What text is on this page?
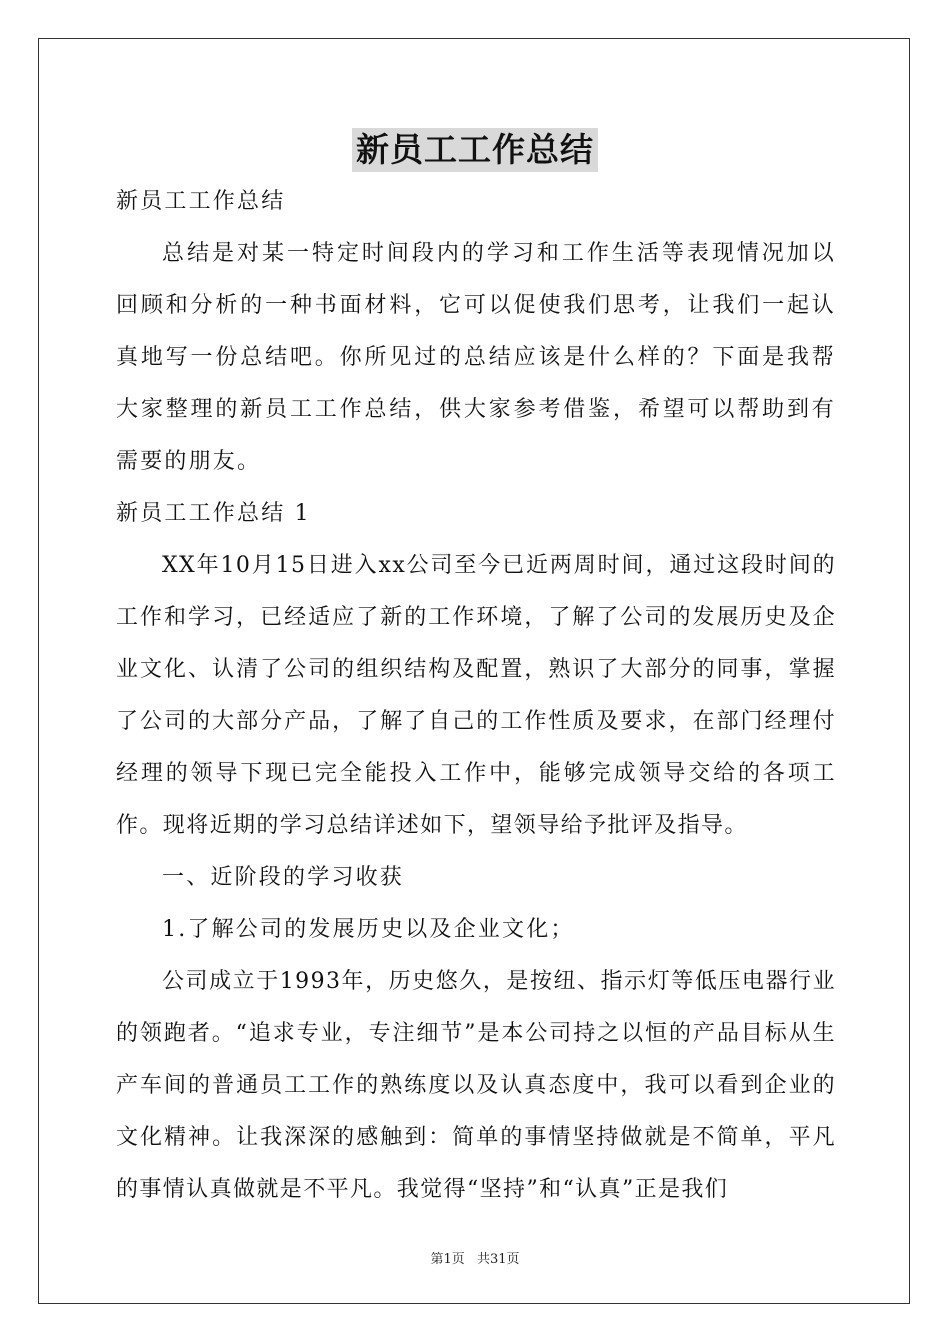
新员工工作总结

新员工工作总结

总结是对某一特定时间段内的学习和工作生活等表现情况加以回顾和分析的一种书面材料，它可以促使我们思考，让我们一起认真地写一份总结吧。你所见过的总结应该是什么样的？下面是我帮大家整理的新员工工作总结，供大家参考借鉴，希望可以帮助到有需要的朋友。

新员工工作总结 1

XX年10月15日进入xx公司至今已近两周时间，通过这段时间的工作和学习，已经适应了新的工作环境，了解了公司的发展历史及企业文化、认清了公司的组织结构及配置，熟识了大部分的同事，掌握了公司的大部分产品，了解了自己的工作性质及要求，在部门经理付经理的领导下现已完全能投入工作中，能够完成领导交给的各项工作。现将近期的学习总结详述如下，望领导给予批评及指导。

一、近阶段的学习收获

1.了解公司的发展历史以及企业文化；

公司成立于1993年，历史悠久，是按纽、指示灯等低压电器行业的领跑者。“追求专业，专注细节”是本公司持之以恒的产品目标从生产车间的普通员工工作的熟练度以及认真态度中，我可以看到企业的文化精神。让我深深的感触到：简单的事情坚持做就是不简单，平凡的事情认真做就是不平凡。我觉得“坚持”和“认真”正是我们

第1页 共31页
